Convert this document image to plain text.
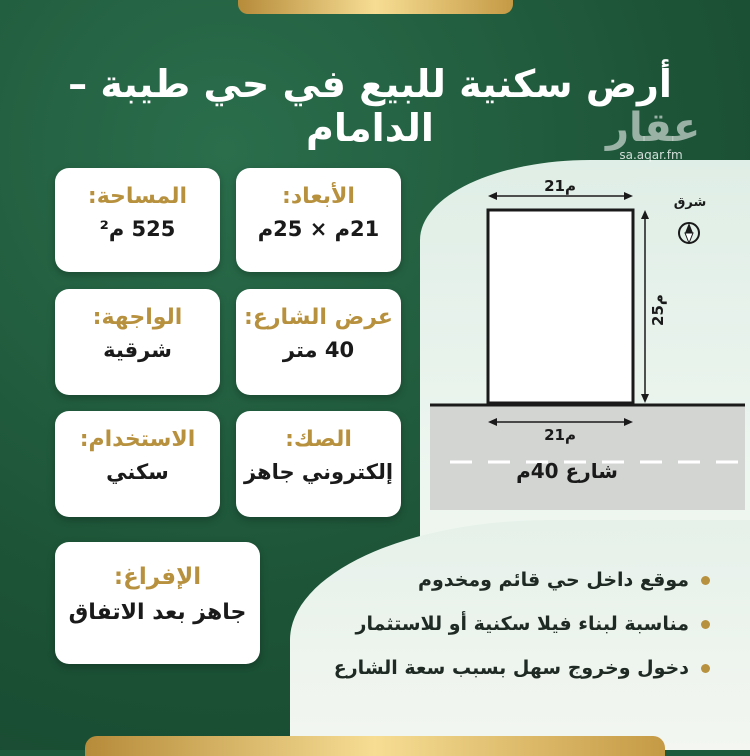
أرض سكنية للبيع في حي طيبة – الدامام	عقار
sa.aqar.fm
الأبعاد:
21م × 25م
عرض الشارع:
40 متر
الصك:
إلكتروني جاهز
المساحة:
525 م²
الواجهة:
شرقية
الاستخدام:
سكني
الإفراغ:
جاهز بعد الاتفاق
21م
25م
21م
شارع 40م
شرق
موقع داخل حي قائم ومخدوم
مناسبة لبناء فيلا سكنية أو للاستثمار
دخول وخروج سهل بسبب سعة الشارع
